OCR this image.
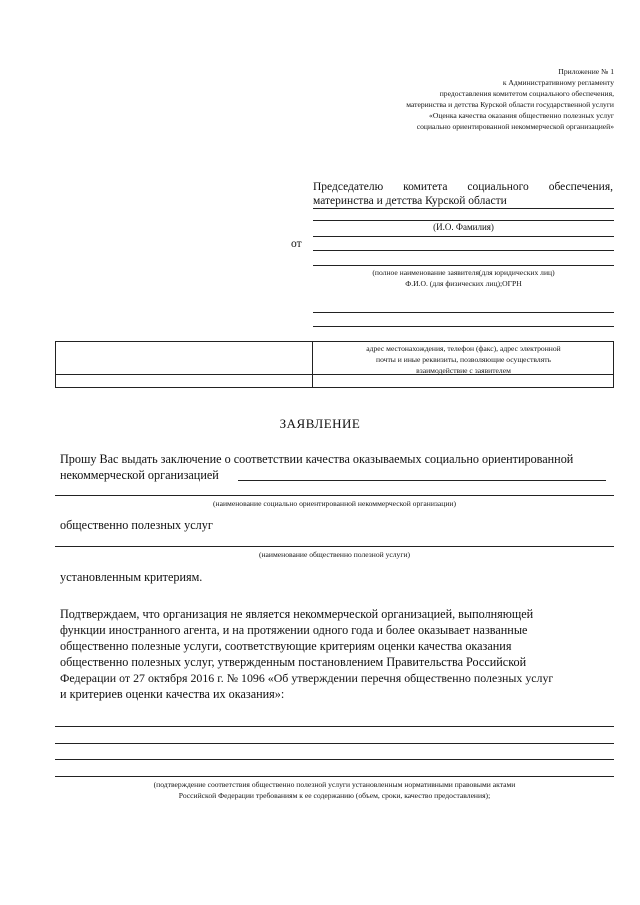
Приложение № 1
к Административному регламенту
предоставления комитетом социального обеспечения,
материнства и детства Курской области государственной услуги
«Оценка качества оказания общественно полезных услуг
социально ориентированной некоммерческой организацией»
Председателю комитета социального обеспечения,
материнства и детства Курской области
(И.О. Фамилия)
от
(полное наименование заявителя(для юридических лиц)
Ф.И.О. (для физических лиц);ОГРН
адрес местонахождения, телефон (факс), адрес электронной
почты и иные реквизиты, позволяющие осуществлять
взаимодействие с заявителем
ЗАЯВЛЕНИЕ
Прошу Вас выдать заключение о соответствии качества оказываемых социально ориентированной
некоммерческой организацией
(наименование социально ориентированной некоммерческой организации)
общественно полезных услуг
(наименование общественно полезной услуги)
установленным критериям.
Подтверждаем, что организация не является некоммерческой организацией, выполняющей
функции иностранного агента, и на протяжении одного года и более оказывает названные
общественно полезные услуги, соответствующие критериям оценки качества оказания
общественно полезных услуг, утвержденным постановлением Правительства Российской
Федерации от 27 октября 2016 г. № 1096 «Об утверждении перечня общественно полезных услуг
и критериев оценки качества их оказания»:
(подтверждение соответствия общественно полезной услуги установленным нормативными правовыми актами
Российской Федерации требованиям к ее содержанию (объем, сроки, качество предоставления);
